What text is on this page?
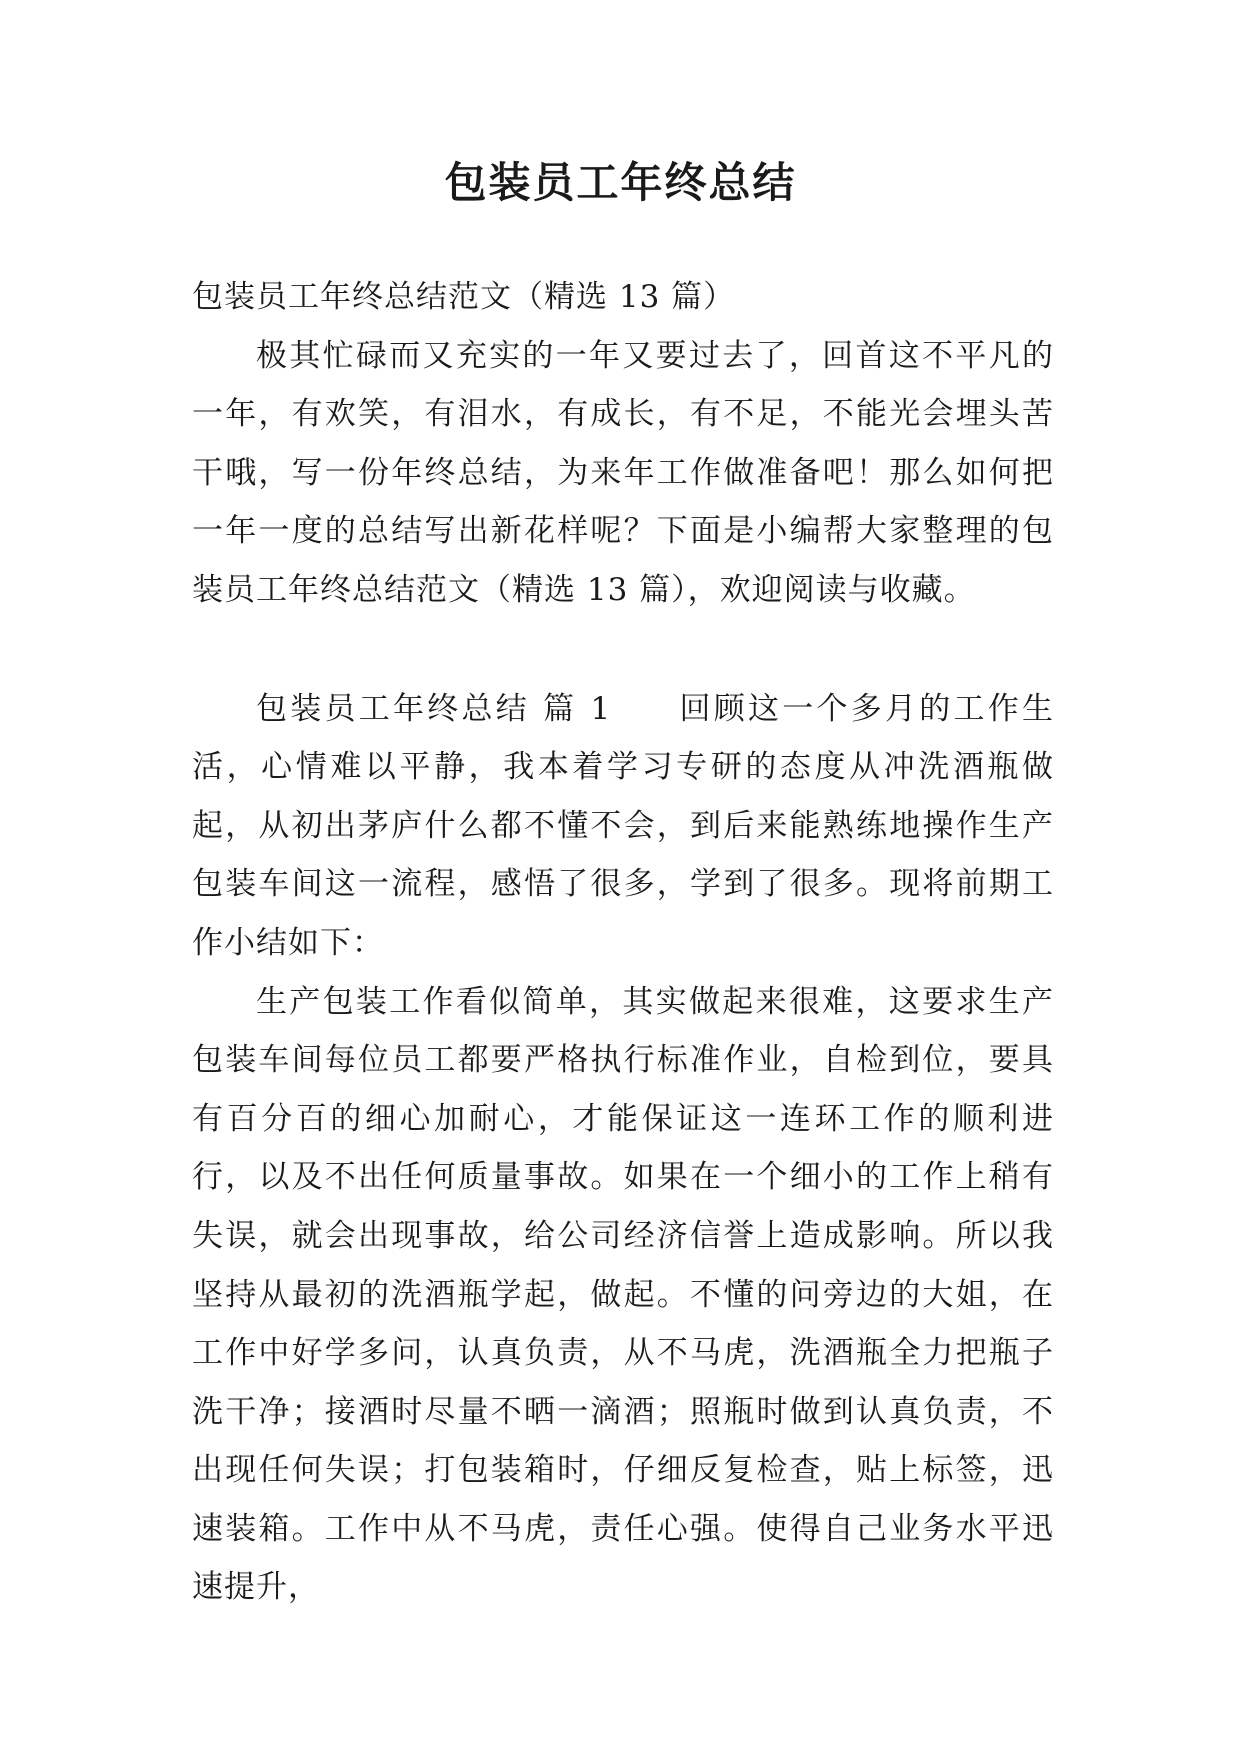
包装员工年终总结

包装员工年终总结范文（精选 13 篇）

极其忙碌而又充实的一年又要过去了，回首这不平凡的一年，有欢笑，有泪水，有成长，有不足，不能光会埋头苦干哦，写一份年终总结，为来年工作做准备吧！那么如何把一年一度的总结写出新花样呢？下面是小编帮大家整理的包装员工年终总结范文（精选 13 篇），欢迎阅读与收藏。

包装员工年终总结 篇 1 回顾这一个多月的工作生活，心情难以平静，我本着学习专研的态度从冲洗酒瓶做起，从初出茅庐什么都不懂不会，到后来能熟练地操作生产包装车间这一流程，感悟了很多，学到了很多。现将前期工作小结如下：

生产包装工作看似简单，其实做起来很难，这要求生产包装车间每位员工都要严格执行标准作业，自检到位，要具有百分百的细心加耐心，才能保证这一连环工作的顺利进行，以及不出任何质量事故。如果在一个细小的工作上稍有失误，就会出现事故，给公司经济信誉上造成影响。所以我坚持从最初的洗酒瓶学起，做起。不懂的问旁边的大姐，在工作中好学多问，认真负责，从不马虎，洗酒瓶全力把瓶子洗干净；接酒时尽量不晒一滴酒；照瓶时做到认真负责，不出现任何失误；打包装箱时，仔细反复检查，贴上标签，迅速装箱。工作中从不马虎，责任心强。使得自己业务水平迅速提升，
